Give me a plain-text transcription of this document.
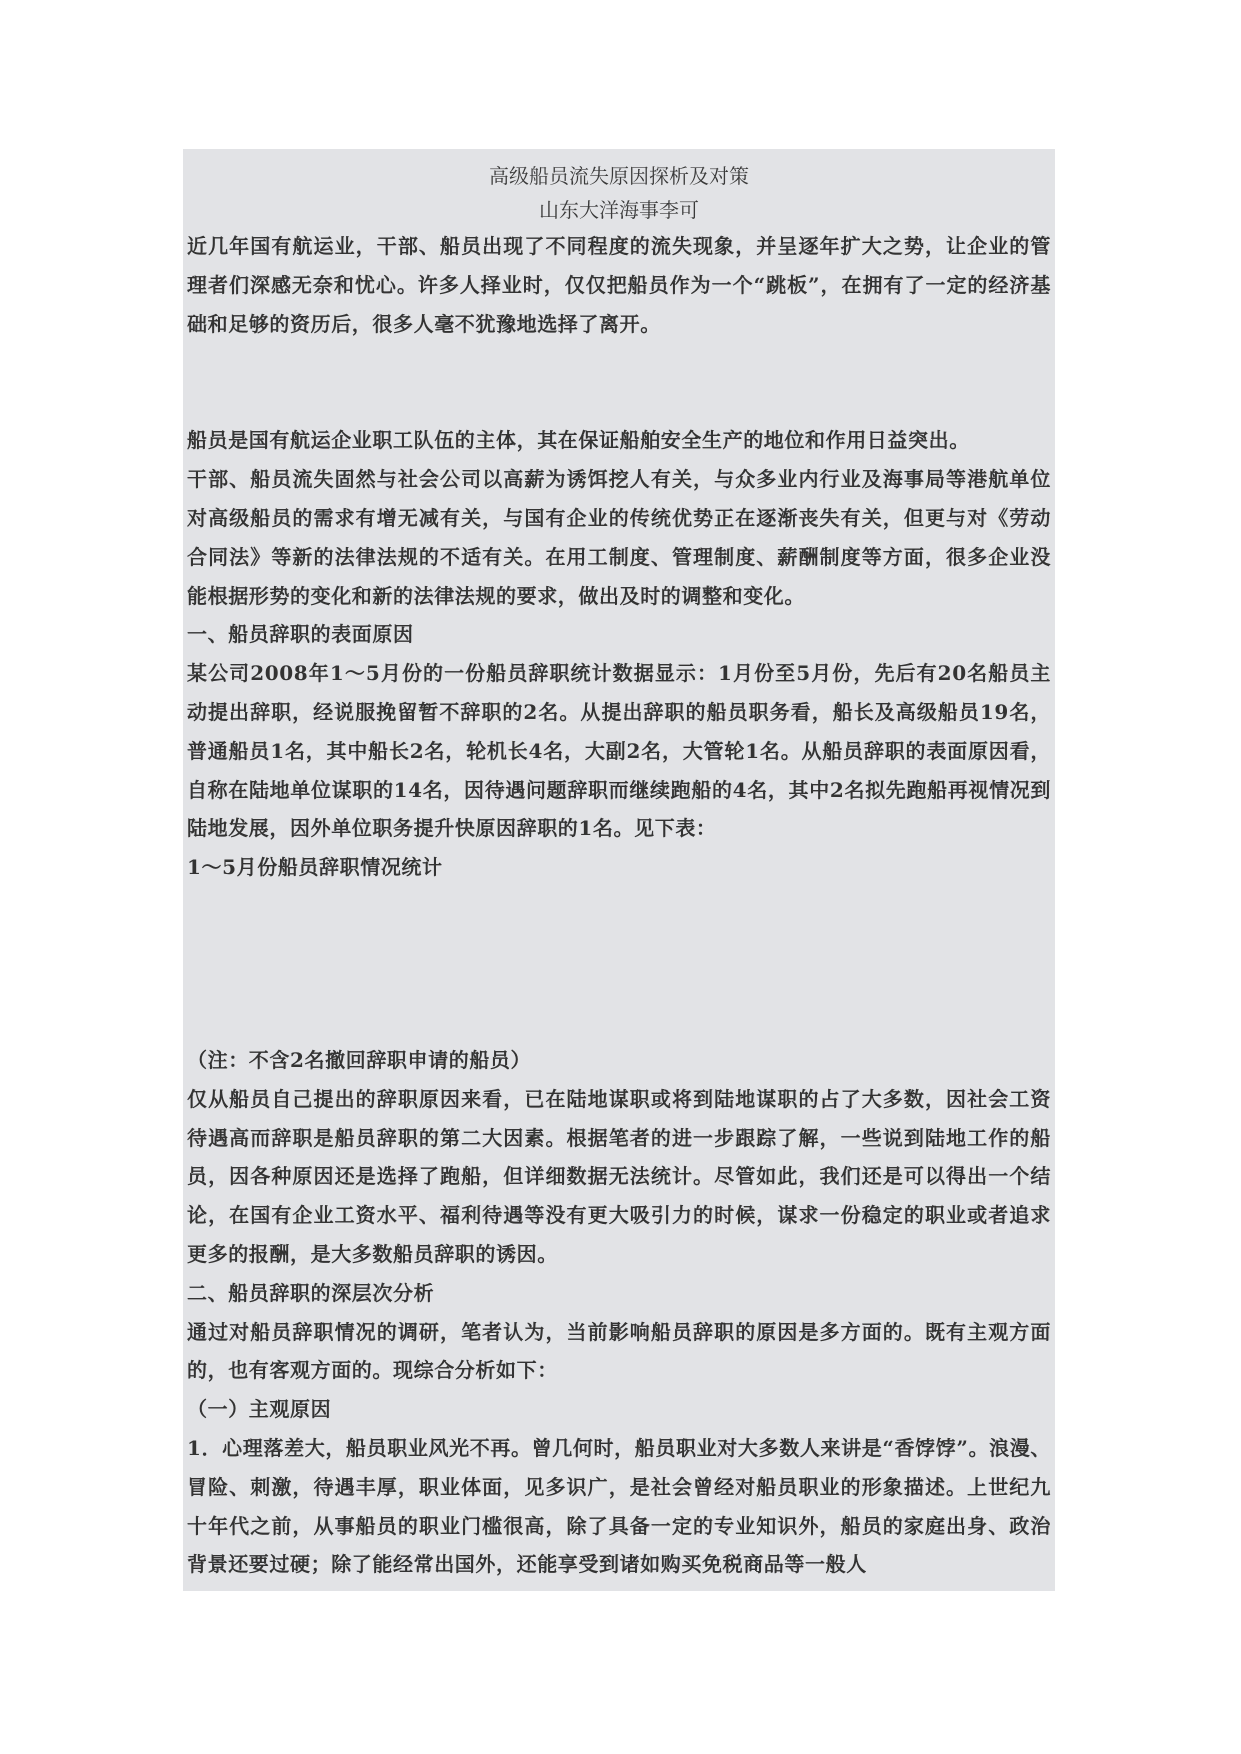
高级船员流失原因探析及对策
山东大洋海事李可

近几年国有航运业，干部、船员出现了不同程度的流失现象，并呈逐年扩大之势，让企业的管理者们深感无奈和忧心。许多人择业时，仅仅把船员作为一个“跳板”，在拥有了一定的经济基础和足够的资历后，很多人毫不犹豫地选择了离开。

船员是国有航运企业职工队伍的主体，其在保证船舶安全生产的地位和作用日益突出。

干部、船员流失固然与社会公司以高薪为诱饵挖人有关，与众多业内行业及海事局等港航单位对高级船员的需求有增无减有关，与国有企业的传统优势正在逐渐丧失有关，但更与对《劳动合同法》等新的法律法规的不适有关。在用工制度、管理制度、薪酬制度等方面，很多企业没能根据形势的变化和新的法律法规的要求，做出及时的调整和变化。

一、船员辞职的表面原因

某公司2008年1～5月份的一份船员辞职统计数据显示：1月份至5月份，先后有20名船员主动提出辞职，经说服挽留暂不辞职的2名。从提出辞职的船员职务看，船长及高级船员19名，普通船员1名，其中船长2名，轮机长4名，大副2名，大管轮1名。从船员辞职的表面原因看，自称在陆地单位谋职的14名，因待遇问题辞职而继续跑船的4名，其中2名拟先跑船再视情况到陆地发展，因外单位职务提升快原因辞职的1名。见下表：

1～5月份船员辞职情况统计

（注：不含2名撤回辞职申请的船员）

仅从船员自己提出的辞职原因来看，已在陆地谋职或将到陆地谋职的占了大多数，因社会工资待遇高而辞职是船员辞职的第二大因素。根据笔者的进一步跟踪了解，一些说到陆地工作的船员，因各种原因还是选择了跑船，但详细数据无法统计。尽管如此，我们还是可以得出一个结论，在国有企业工资水平、福利待遇等没有更大吸引力的时候，谋求一份稳定的职业或者追求更多的报酬，是大多数船员辞职的诱因。

二、船员辞职的深层次分析

通过对船员辞职情况的调研，笔者认为，当前影响船员辞职的原因是多方面的。既有主观方面的，也有客观方面的。现综合分析如下：

（一）主观原因

1．心理落差大，船员职业风光不再。曾几何时，船员职业对大多数人来讲是“香饽饽”。浪漫、冒险、刺激，待遇丰厚，职业体面，见多识广，是社会曾经对船员职业的形象描述。上世纪九十年代之前，从事船员的职业门槛很高，除了具备一定的专业知识外，船员的家庭出身、政治背景还要过硬；除了能经常出国外，还能享受到诸如购买免税商品等一般人
